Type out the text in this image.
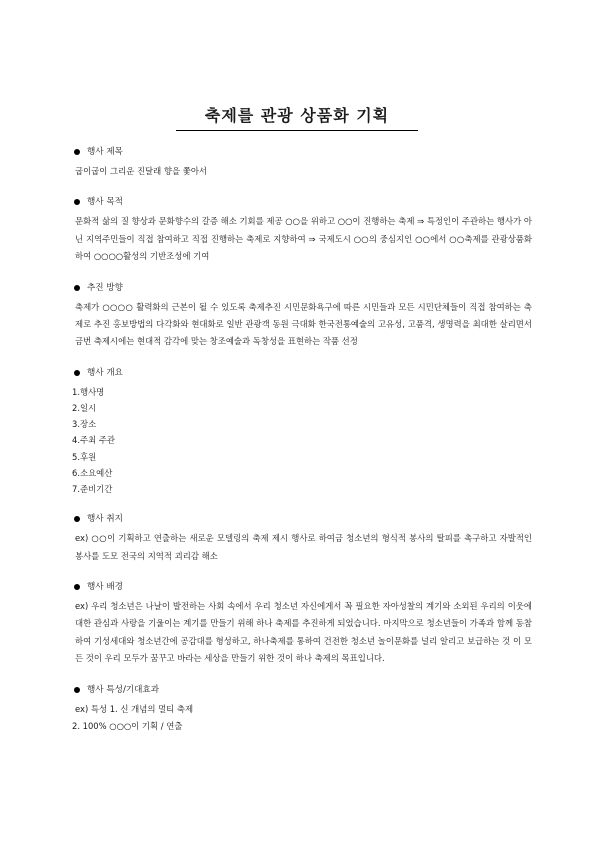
축제를 관광 상품화 기획
행사 제목
굽이굽이 그리운 진달래 향을 쫓아서
행사 목적
문화적 삶의 질 향상과 문화향수의 갈증 해소 기회를 제공 ○○을 위하고 ○○이 진행하는 축제 ⇒ 특정인이 주관하는 행사가 아닌 지역주민들이 직접 참여하고 직접 진행하는 축제로 지향하여 ⇒ 국제도시 ○○의 중심지인 ○○에서 ○○축제를 관광상품화하여 ○○○○활성의 기반조성에 기여
추진 방향
축제가 ○○○○ 활력화의 근본이 될 수 있도록 축제추진 시민문화욕구에 따른 시민들과 모든 시민단체들이 직접 참여하는 축제로 추진 홍보방법의 다각화와 현대화로 일반 관광객 동원 극대화 한국전통예술의 고유성, 고품격, 생명력을 최대한 살리면서 금번 축제시에는 현대적 감각에 맞는 창조예술과 독창성을 표현하는 작품 선정
행사 개요
1.행사명
2.일시
3.장소
4.주최 주관
5.후원
6.소요예산
7.준비기간
행사 취지
ex) ○○이 기획하고 연출하는 새로운 모델링의 축제 제시 행사로 하여금 청소년의 형식적 봉사의 탈피를 촉구하고 자발적인 봉사를 도모 전국의 지역적 괴리감 해소
행사 배경
ex) 우리 청소년은 나날이 발전하는 사회 속에서 우리 청소년 자신에게서 꼭 필요한 자아성찰의 계기와 소외된 우리의 이웃에 대한 관심과 사랑을 기울이는 계기를 만들기 위해 하나 축제를 추진하게 되었습니다. 마지막으로 청소년들이 가족과 함께 동참하여 기성세대와 청소년간에 공감대를 형성하고, 하나축제를 통하여 건전한 청소년 놀이문화를 널리 알리고 보급하는 것 이 모든 것이 우리 모두가 꿈꾸고 바라는 세상을 만들기 위한 것이 하나 축제의 목표입니다.
행사 특성/기대효과
ex) 특성 1. 신 개념의 멀티 축제
2. 100% ○○○이 기획 / 연출
